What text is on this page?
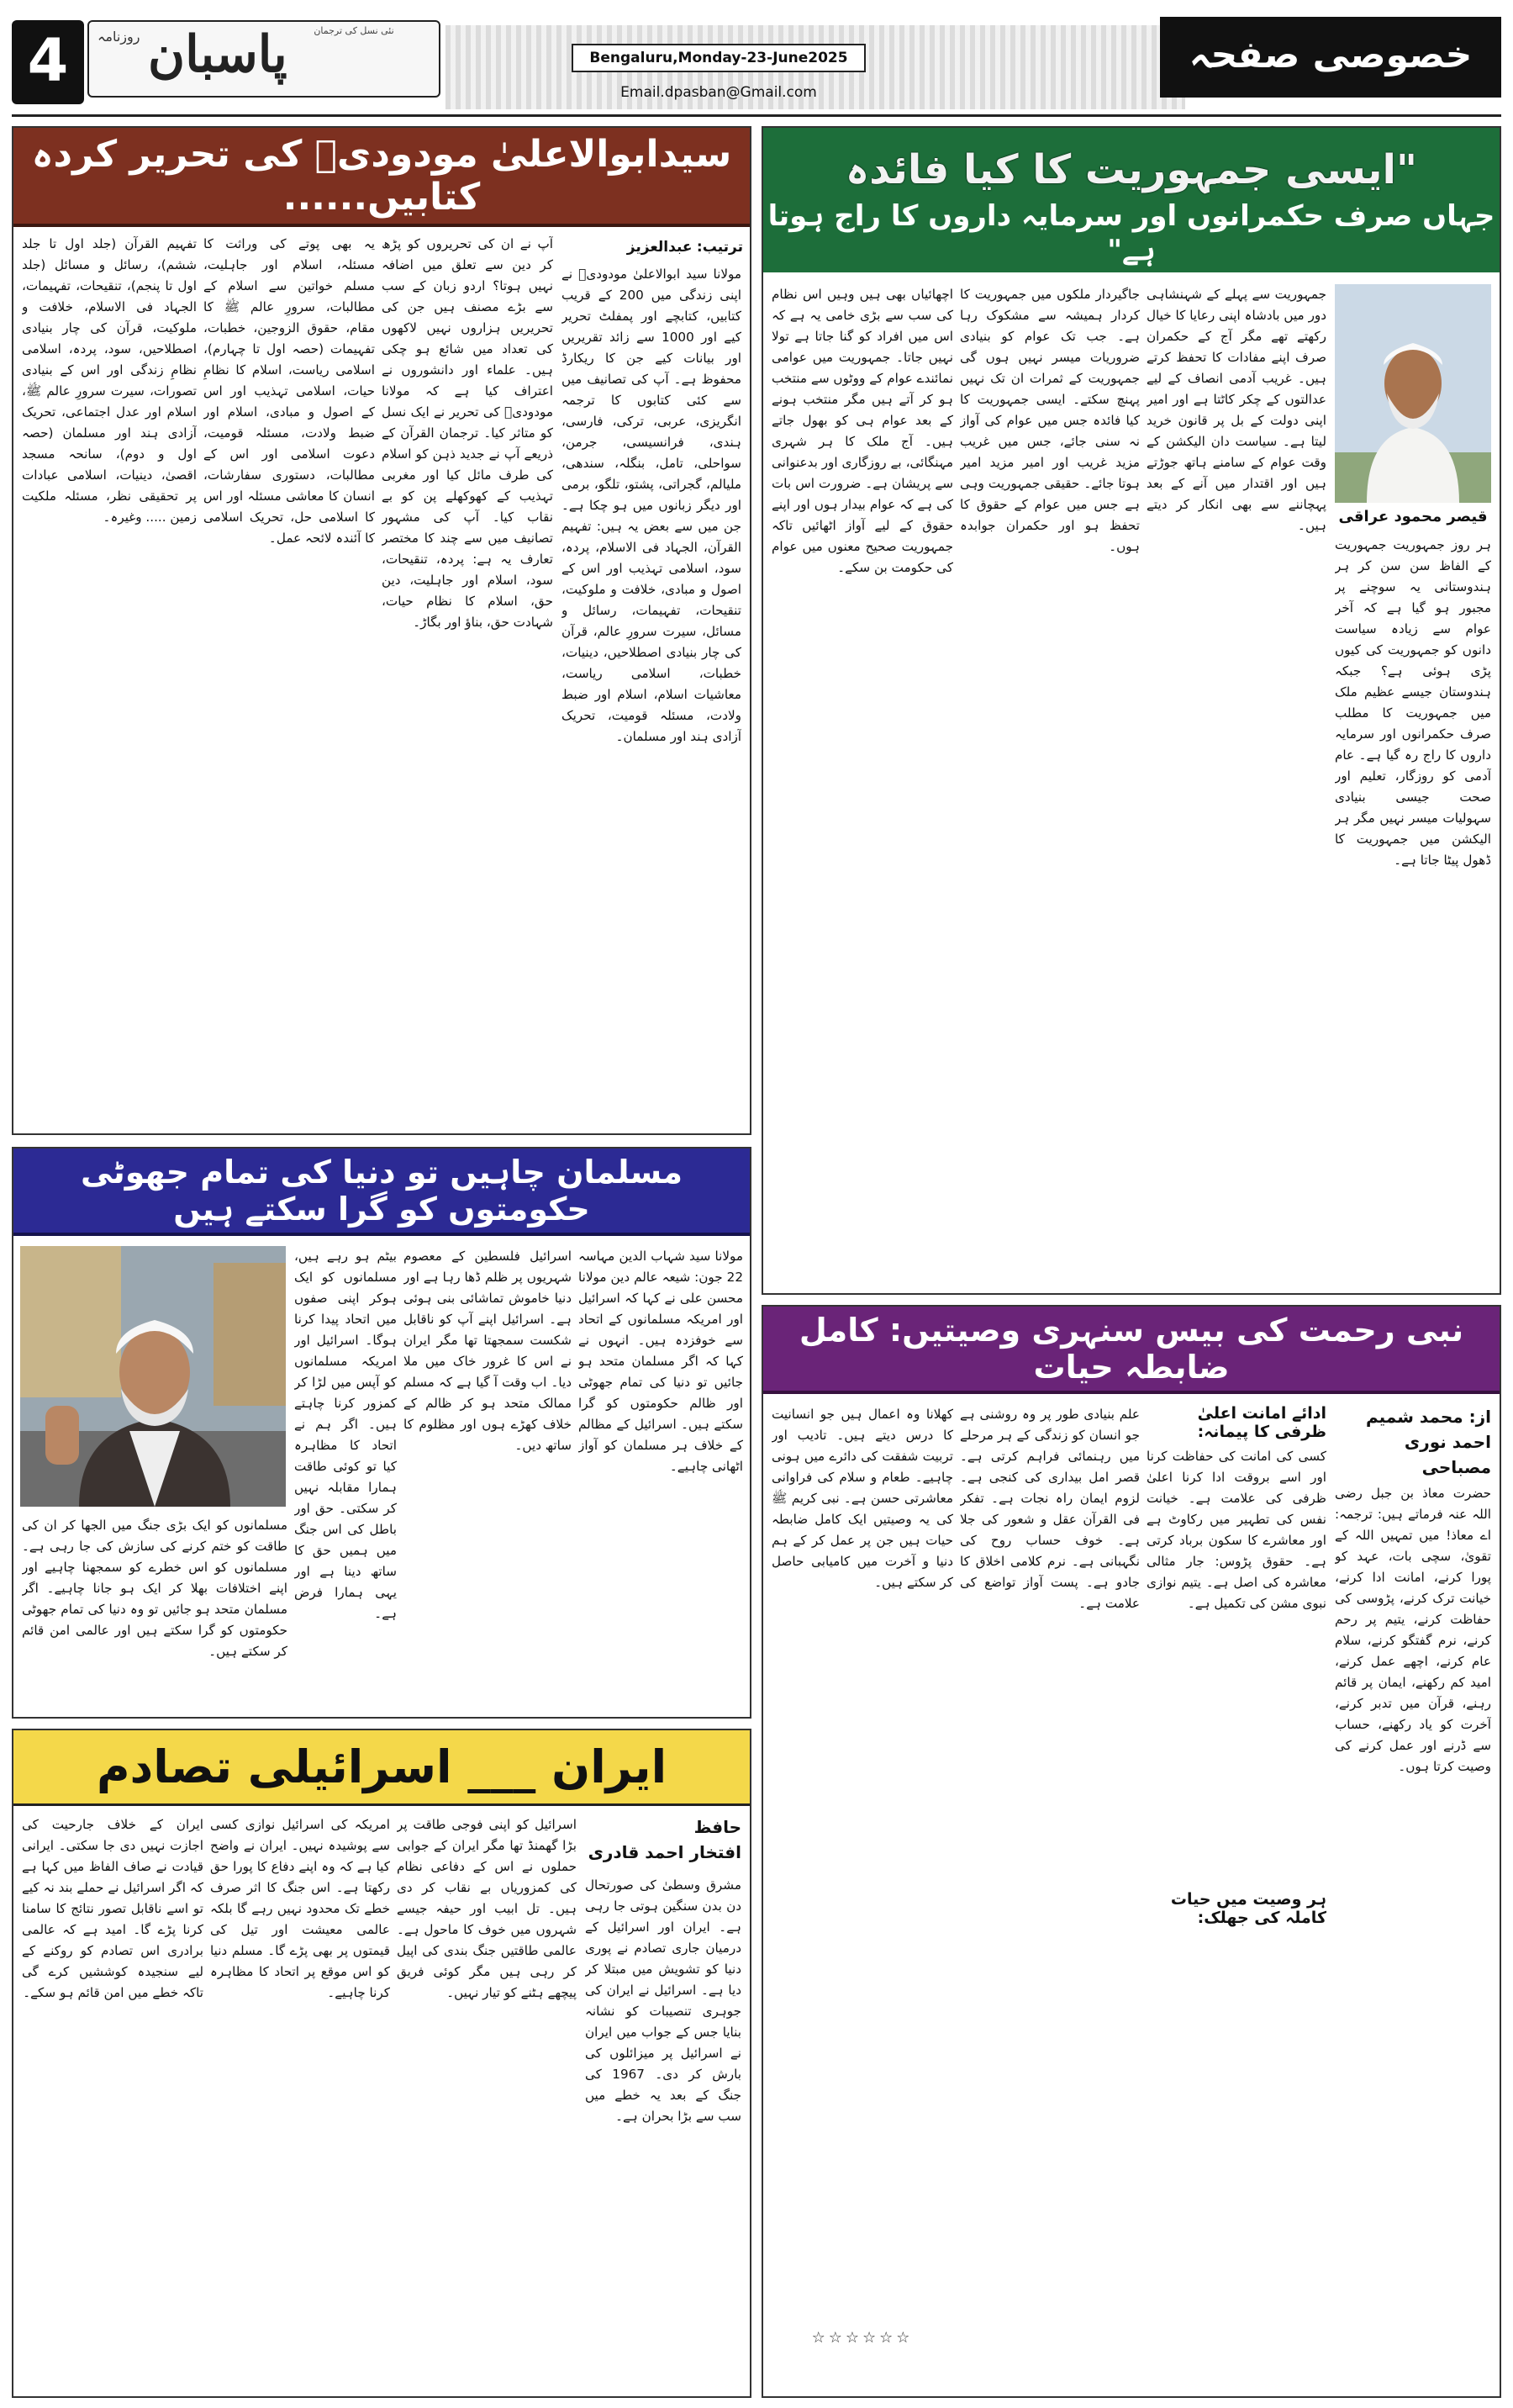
4	روزنامہ	نئی نسل کی ترجمان
پاسبان	Bengaluru,Monday-23-June2025
Email.dpasban@Gmail.com
خصوصی صفحہ
سیدابوالاعلیٰ مودودیؒ کی تحریر کردہ کتابیں......
ترتیب: عبدالعزیز
مولانا سید ابوالاعلیٰ مودودیؒ نے اپنی زندگی میں 200 کے قریب کتابیں، کتابچے اور پمفلٹ تحریر کیے اور 1000 سے زائد تقریریں اور بیانات کیے جن کا ریکارڈ محفوظ ہے۔ آپ کی تصانیف میں سے کئی کتابوں کا ترجمہ انگریزی، عربی، ترکی، فارسی، ہندی، فرانسیسی، جرمن، سواحلی، تامل، بنگلہ، سندھی، ملیالم، گجراتی، پشتو، تلگو، برمی اور دیگر زبانوں میں ہو چکا ہے۔ جن میں سے بعض یہ ہیں: تفہیم القرآن، الجہاد فی الاسلام، پردہ، سود، اسلامی تہذیب اور اس کے اصول و مبادی، خلافت و ملوکیت، تنقیحات، تفہیمات، رسائل و مسائل، سیرت سرورِ عالم، قرآن کی چار بنیادی اصطلاحیں، دینیات، خطبات، اسلامی ریاست، معاشیات اسلام، اسلام اور ضبط ولادت، مسئلہ قومیت، تحریک آزادی ہند اور مسلمان۔
آپ نے ان کی تحریروں کو پڑھ کر دین سے تعلق میں اضافہ نہیں ہوتا؟ اردو زبان کے سب سے بڑے مصنف ہیں جن کی تحریریں ہزاروں نہیں لاکھوں کی تعداد میں شائع ہو چکی ہیں۔ علماء اور دانشوروں نے اعتراف کیا ہے کہ مولانا مودودیؒ کی تحریر نے ایک نسل کو متاثر کیا۔ ترجمان القرآن کے ذریعے آپ نے جدید ذہن کو اسلام کی طرف مائل کیا اور مغربی تہذیب کے کھوکھلے پن کو بے نقاب کیا۔ آپ کی مشہور تصانیف میں سے چند کا مختصر تعارف یہ ہے: پردہ، تنقیحات، سود، اسلام اور جاہلیت، دین حق، اسلام کا نظام حیات، شہادت حق، بناؤ اور بگاڑ۔
یہ بھی پوتے کی وراثت کا مسئلہ، اسلام اور جاہلیت، مسلم خواتین سے اسلام کے مطالبات، سرورِ عالم ﷺ کا مقام، حقوق الزوجین، خطبات، تفہیمات (حصہ اول تا چہارم)، اسلامی ریاست، اسلام کا نظامِ حیات، اسلامی تہذیب اور اس کے اصول و مبادی، اسلام اور ضبط ولادت، مسئلہ قومیت، دعوت اسلامی اور اس کے مطالبات، دستوری سفارشات، انسان کا معاشی مسئلہ اور اس کا اسلامی حل، تحریک اسلامی کا آئندہ لائحہ عمل۔
تفہیم القرآن (جلد اول تا جلد ششم)، رسائل و مسائل (جلد اول تا پنجم)، تنقیحات، تفہیمات، الجہاد فی الاسلام، خلافت و ملوکیت، قرآن کی چار بنیادی اصطلاحیں، سود، پردہ، اسلامی نظامِ زندگی اور اس کے بنیادی تصورات، سیرت سرورِ عالم ﷺ، اسلام اور عدل اجتماعی، تحریک آزادی ہند اور مسلمان (حصہ اول و دوم)، سانحہ مسجد اقصیٰ، دینیات، اسلامی عبادات پر تحقیقی نظر، مسئلہ ملکیت زمین ..... وغیرہ۔
"ایسی جمہوریت کا کیا فائدہ
جہاں صرف حکمرانوں اور سرمایہ داروں کا راج ہوتا ہے"
قیصر محمود عراقی
ہر روز جمہوریت جمہوریت کے الفاظ سن سن کر ہر ہندوستانی یہ سوچنے پر مجبور ہو گیا ہے کہ آخر عوام سے زیادہ سیاست دانوں کو جمہوریت کی کیوں پڑی ہوئی ہے؟ جبکہ ہندوستان جیسے عظیم ملک میں جمہوریت کا مطلب صرف حکمرانوں اور سرمایہ داروں کا راج رہ گیا ہے۔ عام آدمی کو روزگار، تعلیم اور صحت جیسی بنیادی سہولیات میسر نہیں مگر ہر الیکشن میں جمہوریت کا ڈھول پیٹا جاتا ہے۔
جمہوریت سے پہلے کے شہنشاہی دور میں بادشاہ اپنی رعایا کا خیال رکھتے تھے مگر آج کے حکمران صرف اپنے مفادات کا تحفظ کرتے ہیں۔ غریب آدمی انصاف کے لیے عدالتوں کے چکر کاٹتا ہے اور امیر اپنی دولت کے بل پر قانون خرید لیتا ہے۔ سیاست دان الیکشن کے وقت عوام کے سامنے ہاتھ جوڑتے ہیں اور اقتدار میں آنے کے بعد پہچاننے سے بھی انکار کر دیتے ہیں۔
جاگیردار ملکوں میں جمہوریت کا کردار ہمیشہ سے مشکوک رہا ہے۔ جب تک عوام کو بنیادی ضروریات میسر نہیں ہوں گی جمہوریت کے ثمرات ان تک نہیں پہنچ سکتے۔ ایسی جمہوریت کا کیا فائدہ جس میں عوام کی آواز نہ سنی جائے، جس میں غریب مزید غریب اور امیر مزید امیر ہوتا جائے۔ حقیقی جمہوریت وہی ہے جس میں عوام کے حقوق کا تحفظ ہو اور حکمران جوابدہ ہوں۔
اچھائیاں بھی ہیں وہیں اس نظام کی سب سے بڑی خامی یہ ہے کہ اس میں افراد کو گنا جاتا ہے تولا نہیں جاتا۔ جمہوریت میں عوامی نمائندے عوام کے ووٹوں سے منتخب ہو کر آتے ہیں مگر منتخب ہونے کے بعد عوام ہی کو بھول جاتے ہیں۔ آج ملک کا ہر شہری مہنگائی، بے روزگاری اور بدعنوانی سے پریشان ہے۔ ضرورت اس بات کی ہے کہ عوام بیدار ہوں اور اپنے حقوق کے لیے آواز اٹھائیں تاکہ جمہوریت صحیح معنوں میں عوام کی حکومت بن سکے۔
مسلمان چاہیں تو دنیا کی تمام جھوٹی حکومتوں کو گرا سکتے ہیں
مولانا سید شہاب الدین مہاسہ 22 جون: شیعہ عالم دین مولانا محسن علی نے کہا کہ اسرائیل اور امریکہ مسلمانوں کے اتحاد سے خوفزدہ ہیں۔ انہوں نے کہا کہ اگر مسلمان متحد ہو جائیں تو دنیا کی تمام جھوٹی اور ظالم حکومتوں کو گرا سکتے ہیں۔ اسرائیل کے مظالم کے خلاف ہر مسلمان کو آواز اٹھانی چاہیے۔
اسرائیل فلسطین کے معصوم شہریوں پر ظلم ڈھا رہا ہے اور دنیا خاموش تماشائی بنی ہوئی ہے۔ اسرائیل اپنے آپ کو ناقابل شکست سمجھتا تھا مگر ایران نے اس کا غرور خاک میں ملا دیا۔ اب وقت آ گیا ہے کہ مسلم ممالک متحد ہو کر ظالم کے خلاف کھڑے ہوں اور مظلوم کا ساتھ دیں۔
بیٹم ہو رہے ہیں، مسلمانوں کو ایک ہوکر اپنی صفوں میں اتحاد پیدا کرنا ہوگا۔ اسرائیل اور امریکہ مسلمانوں کو آپس میں لڑا کر کمزور کرنا چاہتے ہیں۔ اگر ہم نے اتحاد کا مظاہرہ کیا تو کوئی طاقت ہمارا مقابلہ نہیں کر سکتی۔ حق اور باطل کی اس جنگ میں ہمیں حق کا ساتھ دینا ہے اور یہی ہمارا فرض ہے۔
مسلمانوں کو ایک بڑی جنگ میں الجھا کر ان کی طاقت کو ختم کرنے کی سازش کی جا رہی ہے۔ مسلمانوں کو اس خطرے کو سمجھنا چاہیے اور اپنے اختلافات بھلا کر ایک ہو جانا چاہیے۔ اگر مسلمان متحد ہو جائیں تو وہ دنیا کی تمام جھوٹی حکومتوں کو گرا سکتے ہیں اور عالمی امن قائم کر سکتے ہیں۔
نبی رحمت کی بیس سنہری وصیتیں: کامل ضابطہ حیات
از: محمد شمیم احمد نوری مصباحی
حضرت معاذ بن جبل رضی اللہ عنہ فرماتے ہیں: ترجمہ: اے معاذ! میں تمہیں اللہ کے تقویٰ، سچی بات، عہد کو پورا کرنے، امانت ادا کرنے، خیانت ترک کرنے، پڑوسی کی حفاظت کرنے، یتیم پر رحم کرنے، نرم گفتگو کرنے، سلام عام کرنے، اچھے عمل کرنے، امید کم رکھنے، ایمان پر قائم رہنے، قرآن میں تدبر کرنے، آخرت کو یاد رکھنے، حساب سے ڈرنے اور عمل کرنے کی وصیت کرتا ہوں۔
ادائے امانت اعلیٰ ظرفی کا پیمانہ:
کسی کی امانت کی حفاظت کرنا اور اسے بروقت ادا کرنا اعلیٰ ظرفی کی علامت ہے۔ خیانت نفس کی تطہیر میں رکاوٹ ہے اور معاشرے کا سکون برباد کرتی ہے۔ حقوق پڑوس: جار مثالی معاشرہ کی اصل ہے۔ یتیم نوازی نبوی مشن کی تکمیل ہے۔
ہر وصیت میں حیات کاملہ کی جھلک:
علم بنیادی طور پر وہ روشنی ہے جو انسان کو زندگی کے ہر مرحلے میں رہنمائی فراہم کرتی ہے۔ قصر امل بیداری کی کنجی ہے۔ لزوم ایمان راہ نجات ہے۔ تفکر فی القرآن عقل و شعور کی جلا ہے۔ خوف حساب روح کی نگہبانی ہے۔ نرم کلامی اخلاق کا جادو ہے۔ پست آواز تواضع کی علامت ہے۔
کھلانا وہ اعمال ہیں جو انسانیت کا درس دیتے ہیں۔ تادیب اور تربیت شفقت کی دائرے میں ہونی چاہیے۔ طعام و سلام کی فراوانی معاشرتی حسن ہے۔ نبی کریم ﷺ کی یہ وصیتیں ایک کامل ضابطہ حیات ہیں جن پر عمل کر کے ہم دنیا و آخرت میں کامیابی حاصل کر سکتے ہیں۔
☆☆☆☆☆☆
ایران ___ اسرائیلی تصادم
حافظ
افتخار احمد قادری
مشرق وسطیٰ کی صورتحال دن بدن سنگین ہوتی جا رہی ہے۔ ایران اور اسرائیل کے درمیان جاری تصادم نے پوری دنیا کو تشویش میں مبتلا کر دیا ہے۔ اسرائیل نے ایران کی جوہری تنصیبات کو نشانہ بنایا جس کے جواب میں ایران نے اسرائیل پر میزائلوں کی بارش کر دی۔ 1967 کی جنگ کے بعد یہ خطے میں سب سے بڑا بحران ہے۔
اسرائیل کو اپنی فوجی طاقت پر بڑا گھمنڈ تھا مگر ایران کے جوابی حملوں نے اس کے دفاعی نظام کی کمزوریاں بے نقاب کر دی ہیں۔ تل ابیب اور حیفہ جیسے شہروں میں خوف کا ماحول ہے۔ عالمی طاقتیں جنگ بندی کی اپیل کر رہی ہیں مگر کوئی فریق پیچھے ہٹنے کو تیار نہیں۔
امریکہ کی اسرائیل نوازی کسی سے پوشیدہ نہیں۔ ایران نے واضح کیا ہے کہ وہ اپنے دفاع کا پورا حق رکھتا ہے۔ اس جنگ کا اثر صرف خطے تک محدود نہیں رہے گا بلکہ عالمی معیشت اور تیل کی قیمتوں پر بھی پڑے گا۔ مسلم دنیا کو اس موقع پر اتحاد کا مظاہرہ کرنا چاہیے۔
ایران کے خلاف جارحیت کی اجازت نہیں دی جا سکتی۔ ایرانی قیادت نے صاف الفاظ میں کہا ہے کہ اگر اسرائیل نے حملے بند نہ کیے تو اسے ناقابل تصور نتائج کا سامنا کرنا پڑے گا۔ امید ہے کہ عالمی برادری اس تصادم کو روکنے کے لیے سنجیدہ کوششیں کرے گی تاکہ خطے میں امن قائم ہو سکے۔
